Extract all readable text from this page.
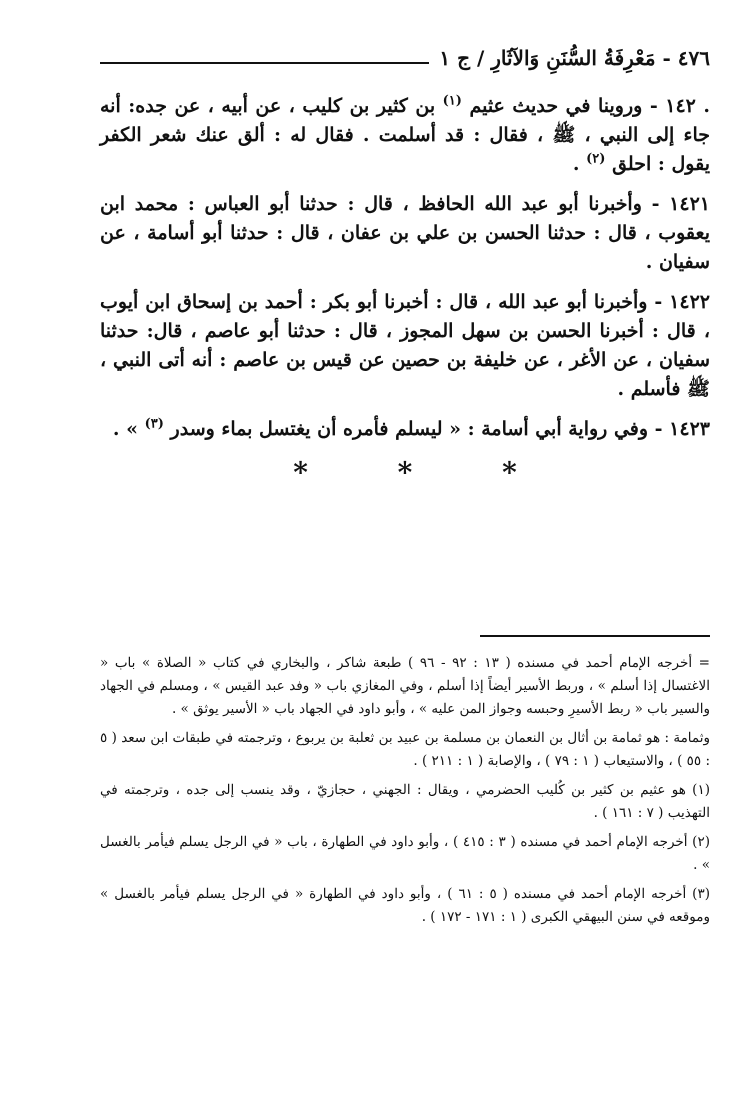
٤٧٦ - مَعْرِفَةُ السُّنَنِ وَالآثَارِ / ج ١

. ١٤٢ - وروينا في حديث عثيم $^{(١)}$ بن كثير بن كليب ، عن أبيه ، عن جده: أنه جاء إلى النبي ، ﷺ ، فقال : قد أسلمت . فقال له : ألق عنك شعر الكفر يقول : احلق $^{(٢)}$ .

١٤٢١ - وأخبرنا أبو عبد الله الحافظ ، قال : حدثنا أبو العباس : محمد ابن يعقوب ، قال : حدثنا الحسن بن علي بن عفان ، قال : حدثنا أبو أسامة ، عن سفيان .

١٤٢٢ - وأخبرنا أبو عبد الله ، قال : أخبرنا أبو بكر : أحمد بن إسحاق ابن أيوب ، قال : أخبرنا الحسن بن سهل المجوز ، قال : حدثنا أبو عاصم ، قال: حدثنا سفيان ، عن الأغر ، عن خليفة بن حصين عن قيس بن عاصم : أنه أتى النبي ، ﷺ فأسلم .

١٤٢٣ - وفي رواية أبي أسامة : « ليسلم فأمره أن يغتسل بماء وسدر $^{(٣)}$ » .

* * *

= أخرجه الإمام أحمد في مسنده ( ١٣ : ٩٢ - ٩٦ ) طبعة شاكر ، والبخاري في كتاب « الصلاة » باب « الاغتسال إذا أسلم » ، وربط الأسير أيضاً إذا أسلم ، وفي المغازي باب « وفد عبد القيس » ، ومسلم في الجهاد والسير باب « ربط الأسيرِ وحبسه وجواز المن عليه » ، وأبو داود في الجهاد باب « الأسير يوثق » .

وثمامة : هو ثمامة بن أثال بن النعمان بن مسلمة بن عبيد بن ثعلبة بن يربوع ، وترجمته في طبقات ابن سعد ( ٥ : ٥٥ ) ، والاستيعاب ( ١ : ٧٩ ) ، والإصابة ( ١ : ٢١١ ) .

(١) هو عثيم بن كثير بن كُليب الحضرمي ، ويقال : الجهني ، حجازيّ ، وقد ينسب إلى جده ، وترجمته في التهذيب ( ٧ : ١٦١ ) .

(٢) أخرجه الإمام أحمد في مسنده ( ٣ : ٤١٥ ) ، وأبو داود في الطهارة ، باب « في الرجل يسلم فيأمر بالغسل » .

(٣) أخرجه الإمام أحمد في مسنده ( ٥ : ٦١ ) ، وأبو داود في الطهارة « في الرجل يسلم فيأمر بالغسل » وموقعه في سنن البيهقي الكبرى ( ١ : ١٧١ - ١٧٢ ) .
